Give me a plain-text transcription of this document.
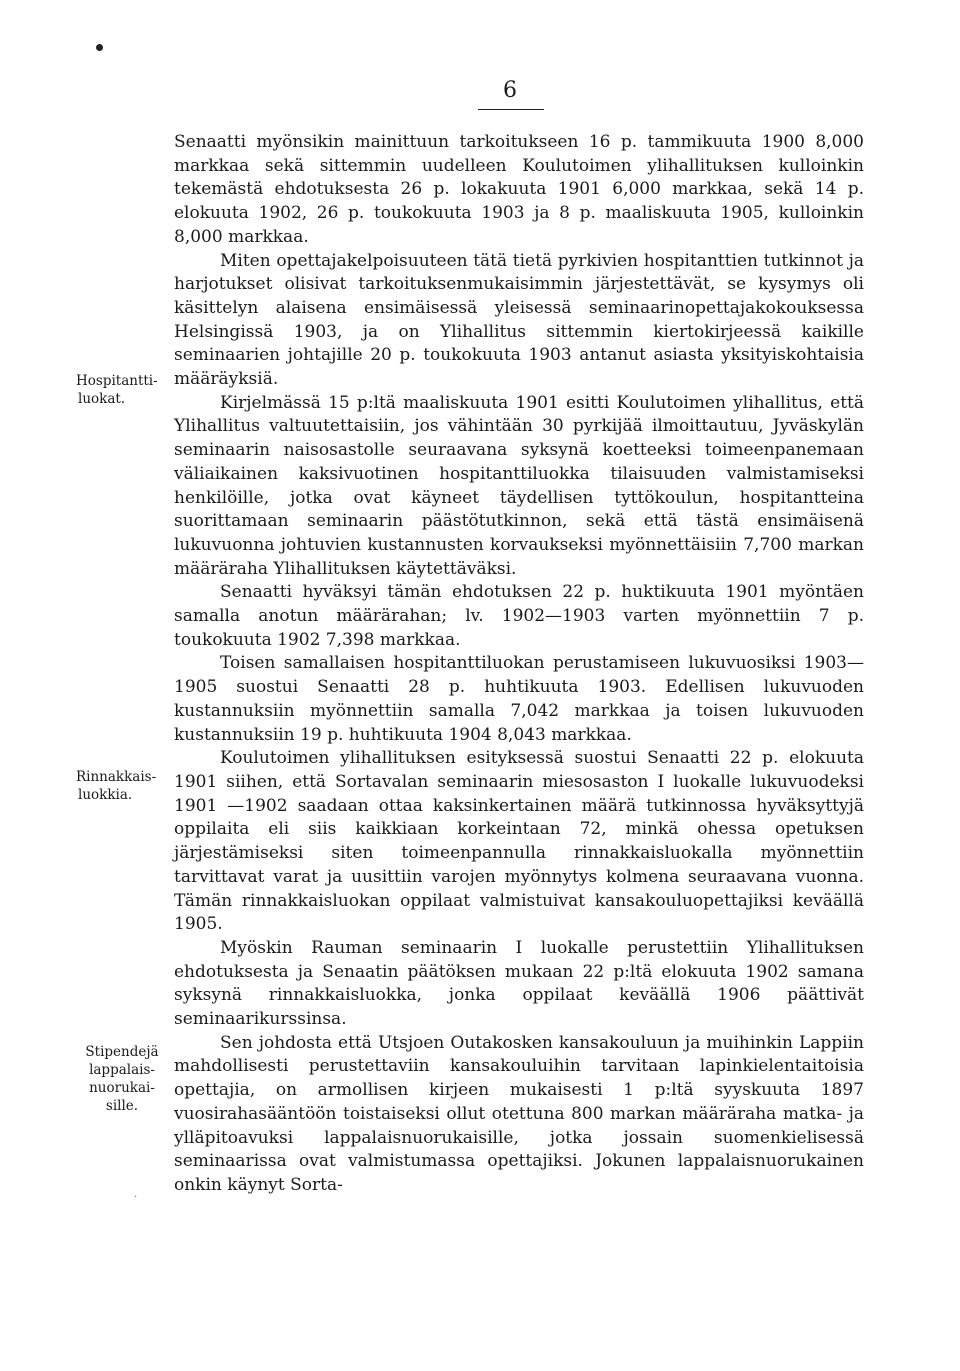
6
Hospitantti-
luokat.
Rinnakkais-
luokkia.
Stipendejä
lappalais-
nuorukai-
sille.

Senaatti myönsikin mainittuun tarkoitukseen 16 p. tammikuuta 1900 8,000 markkaa sekä sittemmin uudelleen Koulutoimen ylihallituksen kulloinkin tekemästä ehdotuksesta 26 p. lokakuuta 1901 6,000 markkaa, sekä 14 p. elokuuta 1902, 26 p. toukokuuta 1903 ja 8 p. maaliskuuta 1905, kulloinkin 8,000 markkaa.

Miten opettajakelpoisuuteen tätä tietä pyrkivien hospitanttien tutkinnot ja harjotukset olisivat tarkoituksenmukaisimmin järjestettävät, se kysymys oli käsittelyn alaisena ensimäisessä yleisessä seminaarinopettajakokouksessa Helsingissä 1903, ja on Ylihallitus sittemmin kiertokirjeessä kaikille seminaarien johtajille 20 p. toukokuuta 1903 antanut asiasta yksityiskohtaisia määräyksiä.

Kirjelmässä 15 p:ltä maaliskuuta 1901 esitti Koulutoimen ylihallitus, että Ylihallitus valtuutettaisiin, jos vähintään 30 pyrkijää ilmoittautuu, Jyväskylän seminaarin naisosastolle seuraavana syksynä koetteeksi toimeenpanemaan väliaikainen kaksivuotinen hospitanttiluokka tilaisuuden valmistamiseksi henkilöille, jotka ovat käyneet täydellisen tyttökoulun, hospitantteina suorittamaan seminaarin päästötutkinnon, sekä että tästä ensimäisenä lukuvuonna johtuvien kustannusten korvaukseksi myönnettäisiin 7,700 markan määräraha Ylihallituksen käytettäväksi.

Senaatti hyväksyi tämän ehdotuksen 22 p. huktikuuta 1901 myöntäen samalla anotun määrärahan; lv. 1902—1903 varten myönnettiin 7 p. toukokuuta 1902 7,398 markkaa.

Toisen samallaisen hospitanttiluokan perustamiseen lukuvuosiksi 1903—1905 suostui Senaatti 28 p. huhtikuuta 1903. Edellisen lukuvuoden kustannuksiin myönnettiin samalla 7,042 markkaa ja toisen lukuvuoden kustannuksiin 19 p. huhtikuuta 1904 8,043 markkaa.

Koulutoimen ylihallituksen esityksessä suostui Senaatti 22 p. elokuuta 1901 siihen, että Sortavalan seminaarin miesosaston I luokalle lukuvuodeksi 1901 —1902 saadaan ottaa kaksinkertainen määrä tutkinnossa hyväksyttyjä oppilaita eli siis kaikkiaan korkeintaan 72, minkä ohessa opetuksen järjestämiseksi siten toimeenpannulla rinnakkaisluokalla myönnettiin tarvittavat varat ja uusittiin varojen myönnytys kolmena seuraavana vuonna. Tämän rinnakkaisluokan oppilaat valmistuivat kansakouluopettajiksi keväällä 1905.

Myöskin Rauman seminaarin I luokalle perustettiin Ylihallituksen ehdotuksesta ja Senaatin päätöksen mukaan 22 p:ltä elokuuta 1902 samana syksynä rinnakkaisluokka, jonka oppilaat keväällä 1906 päättivät seminaarikurssinsa.

Sen johdosta että Utsjoen Outakosken kansakouluun ja muihinkin Lappiin mahdollisesti perustettaviin kansakouluihin tarvitaan lapinkielentaitoisia opettajia, on armollisen kirjeen mukaisesti 1 p:ltä syyskuuta 1897 vuosirahasääntöön toistaiseksi ollut otettuna 800 markan määräraha matka- ja ylläpitoavuksi lappalaisnuorukaisille, jotka jossain suomenkielisessä seminaarissa ovat valmistumassa opettajiksi. Jokunen lappalaisnuorukainen onkin käynyt Sorta-

·
